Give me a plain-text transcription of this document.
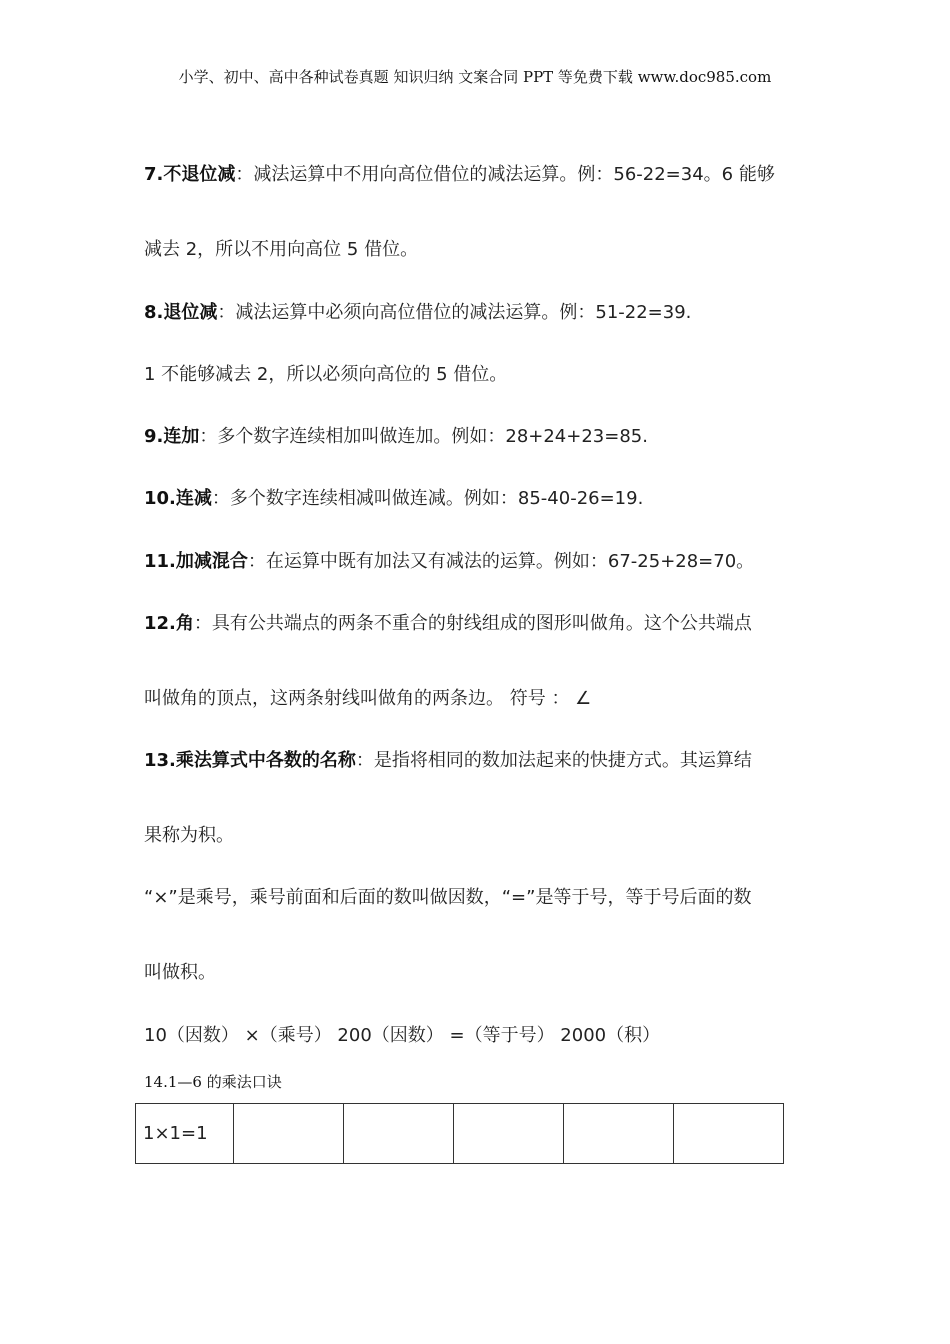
小学、初中、高中各种试卷真题 知识归纳 文案合同 PPT 等免费下载 www.doc985.com
7.不退位减：减法运算中不用向高位借位的减法运算。例：56-22=34。6 能够
减去 2，所以不用向高位 5 借位。
8.退位减：减法运算中必须向高位借位的减法运算。例：51-22=39.
1 不能够减去 2，所以必须向高位的 5 借位。
9.连加：多个数字连续相加叫做连加。例如：28+24+23=85.
10.连减：多个数字连续相减叫做连减。例如：85-40-26=19.
11.加减混合：在运算中既有加法又有减法的运算。例如：67-25+28=70。
12.角：具有公共端点的两条不重合的射线组成的图形叫做角。这个公共端点
叫做角的顶点，这两条射线叫做角的两条边。 符号 ： ∠
13.乘法算式中各数的名称：是指将相同的数加法起来的快捷方式。其运算结
果称为积。
“×”是乘号，乘号前面和后面的数叫做因数，“=”是等于号，等于号后面的数
叫做积。
10（因数） ×（乘号） 200（因数） =（等于号） 2000（积）
14.1—6 的乘法口诀
1×1=1					
